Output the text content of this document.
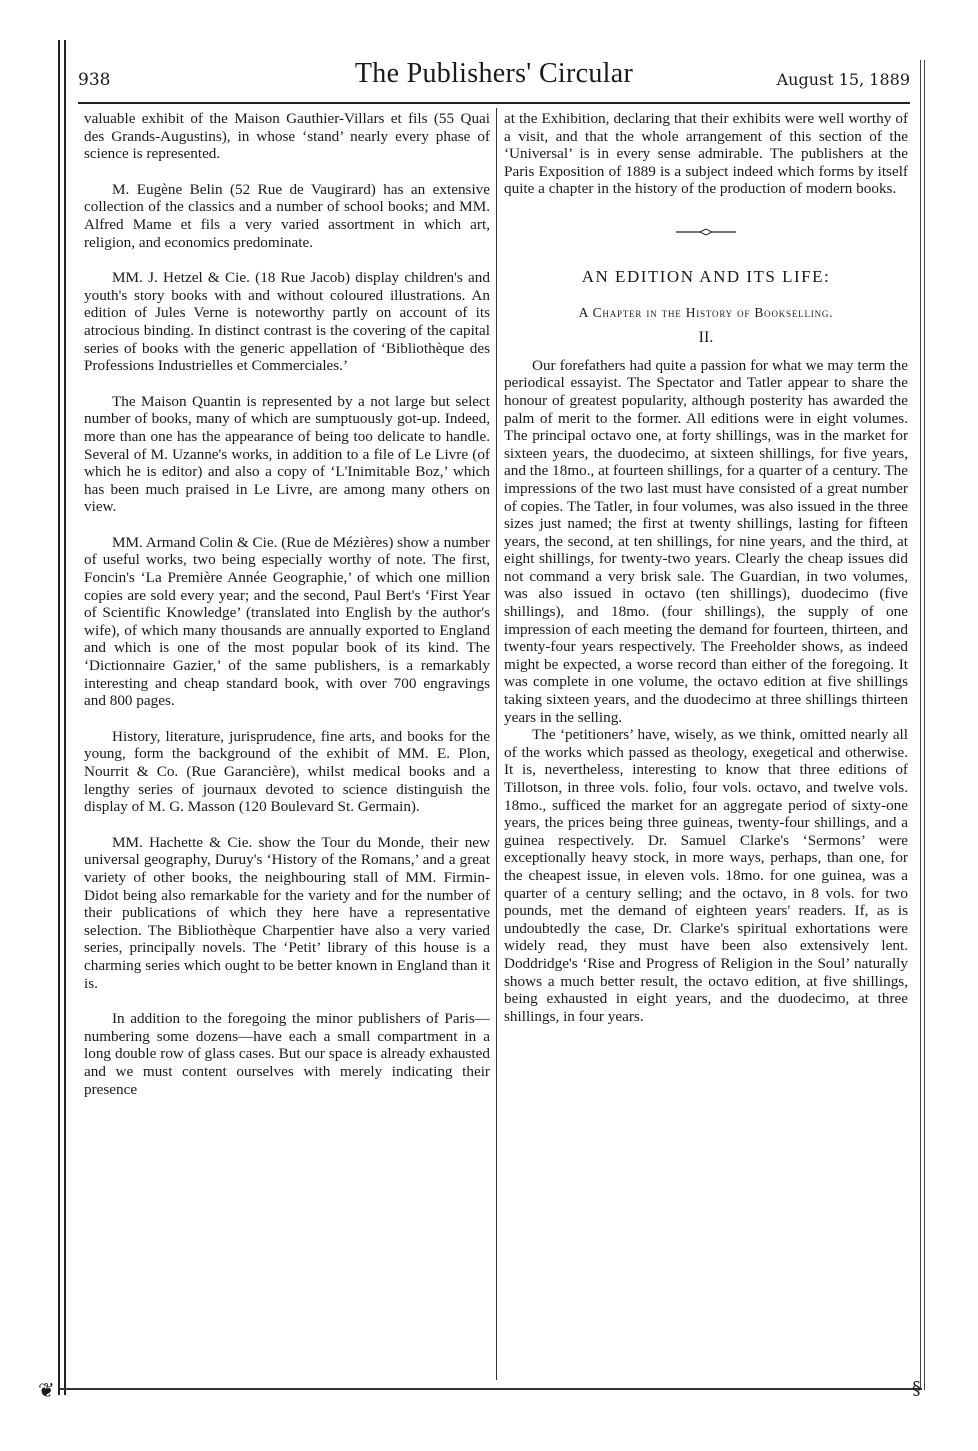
938	The Publishers' Circular	August 15, 1889

valuable exhibit of the Maison Gauthier-Villars et fils (55 Quai des Grands-Augustins), in whose ‘stand’ nearly every phase of science is represented.

M. Eugène Belin (52 Rue de Vaugirard) has an extensive collection of the classics and a number of school books; and MM. Alfred Mame et fils a very varied assortment in which art, religion, and economics predominate.

MM. J. Hetzel & Cie. (18 Rue Jacob) display children's and youth's story books with and without coloured illustrations. An edition of Jules Verne is noteworthy partly on account of its atrocious binding. In distinct contrast is the covering of the capital series of books with the generic appellation of ‘Bibliothèque des Professions Industrielles et Commerciales.’

The Maison Quantin is represented by a not large but select number of books, many of which are sumptuously got-up. Indeed, more than one has the appearance of being too delicate to handle. Several of M. Uzanne's works, in addition to a file of Le Livre (of which he is editor) and also a copy of ‘L'Inimitable Boz,’ which has been much praised in Le Livre, are among many others on view.

MM. Armand Colin & Cie. (Rue de Mézières) show a number of useful works, two being especially worthy of note. The first, Foncin's ‘La Première Année Geographie,’ of which one million copies are sold every year; and the second, Paul Bert's ‘First Year of Scientific Knowledge’ (translated into English by the author's wife), of which many thousands are annually exported to England and which is one of the most popular book of its kind. The ‘Dictionnaire Gazier,’ of the same publishers, is a remarkably interesting and cheap standard book, with over 700 engravings and 800 pages.

History, literature, jurisprudence, fine arts, and books for the young, form the background of the exhibit of MM. E. Plon, Nourrit & Co. (Rue Garancière), whilst medical books and a lengthy series of journaux devoted to science distinguish the display of M. G. Masson (120 Boulevard St. Germain).

MM. Hachette & Cie. show the Tour du Monde, their new universal geography, Duruy's ‘History of the Romans,’ and a great variety of other books, the neighbouring stall of MM. Firmin-Didot being also remarkable for the variety and for the number of their publications of which they here have a representative selection. The Bibliothèque Charpentier have also a very varied series, principally novels. The ‘Petit’ library of this house is a charming series which ought to be better known in England than it is.

In addition to the foregoing the minor publishers of Paris—numbering some dozens—have each a small compartment in a long double row of glass cases. But our space is already exhausted and we must content ourselves with merely indicating their presence

at the Exhibition, declaring that their exhibits were well worthy of a visit, and that the whole arrangement of this section of the ‘Universal’ is in every sense admirable. The publishers at the Paris Exposition of 1889 is a subject indeed which forms by itself quite a chapter in the history of the production of modern books.

AN EDITION AND ITS LIFE:
A Chapter in the History of Bookselling.
II.

Our forefathers had quite a passion for what we may term the periodical essayist. The Spectator and Tatler appear to share the honour of greatest popularity, although posterity has awarded the palm of merit to the former. All editions were in eight volumes. The principal octavo one, at forty shillings, was in the market for sixteen years, the duodecimo, at sixteen shillings, for five years, and the 18mo., at fourteen shillings, for a quarter of a century. The impressions of the two last must have consisted of a great number of copies. The Tatler, in four volumes, was also issued in the three sizes just named; the first at twenty shillings, lasting for fifteen years, the second, at ten shillings, for nine years, and the third, at eight shillings, for twenty-two years. Clearly the cheap issues did not command a very brisk sale. The Guardian, in two volumes, was also issued in octavo (ten shillings), duodecimo (five shillings), and 18mo. (four shillings), the supply of one impression of each meeting the demand for fourteen, thirteen, and twenty-four years respectively. The Freeholder shows, as indeed might be expected, a worse record than either of the foregoing. It was complete in one volume, the octavo edition at five shillings taking sixteen years, and the duodecimo at three shillings thirteen years in the selling.

The ‘petitioners’ have, wisely, as we think, omitted nearly all of the works which passed as theology, exegetical and otherwise. It is, nevertheless, interesting to know that three editions of Tillotson, in three vols. folio, four vols. octavo, and twelve vols. 18mo., sufficed the market for an aggregate period of sixty-one years, the prices being three guineas, twenty-four shillings, and a guinea respectively. Dr. Samuel Clarke's ‘Sermons’ were exceptionally heavy stock, in more ways, perhaps, than one, for the cheapest issue, in eleven vols. 18mo. for one guinea, was a quarter of a century selling; and the octavo, in 8 vols. for two pounds, met the demand of eighteen years' readers. If, as is undoubtedly the case, Dr. Clarke's spiritual exhortations were widely read, they must have been also extensively lent. Doddridge's ‘Rise and Progress of Religion in the Soul’ naturally shows a much better result, the octavo edition, at five shillings, being exhausted in eight years, and the duodecimo, at three shillings, in four years.

❦	§
